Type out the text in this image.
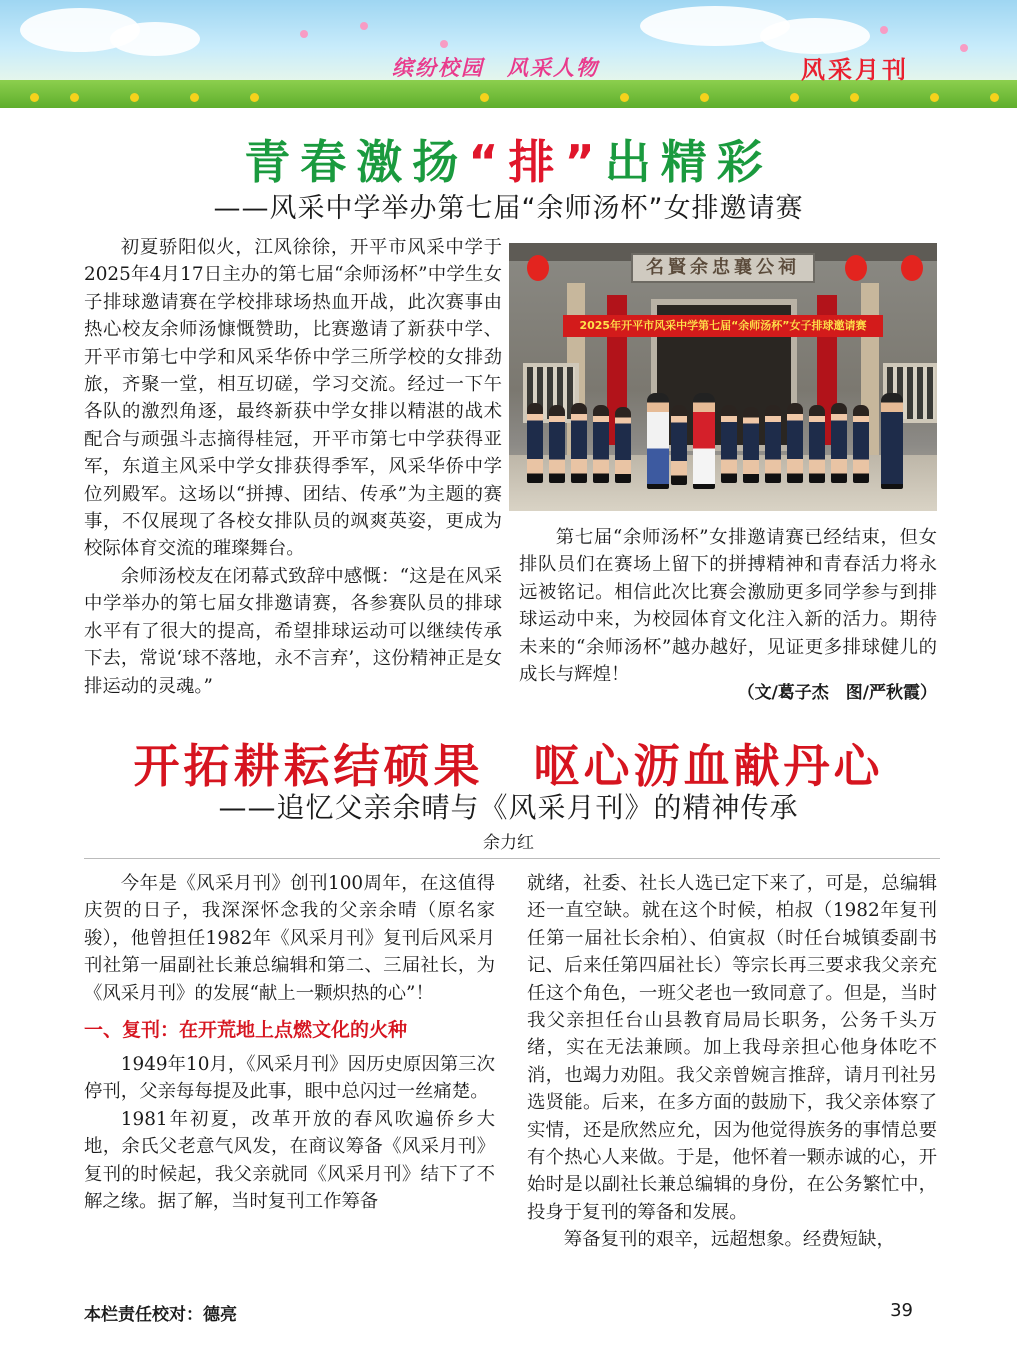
缤纷校园　风采人物	风采月刊
青春激扬“排”出精彩
——风采中学举办第七届“余师汤杯”女排邀请赛

初夏骄阳似火，江风徐徐，开平市风采中学于2025年4月17日主办的第七届“余师汤杯”中学生女子排球邀请赛在学校排球场热血开战，此次赛事由热心校友余师汤慷慨赞助，比赛邀请了新获中学、开平市第七中学和风采华侨中学三所学校的女排劲旅，齐聚一堂，相互切磋，学习交流。经过一下午各队的激烈角逐，最终新获中学女排以精湛的战术配合与顽强斗志摘得桂冠，开平市第七中学获得亚军，东道主风采中学女排获得季军，风采华侨中学位列殿军。这场以“拼搏、团结、传承”为主题的赛事，不仅展现了各校女排队员的飒爽英姿，更成为校际体育交流的璀璨舞台。

余师汤校友在闭幕式致辞中感慨：“这是在风采中学举办的第七届女排邀请赛，各参赛队员的排球水平有了很大的提高，希望排球运动可以继续传承下去，常说‘球不落地，永不言弃’，这份精神正是女排运动的灵魂。”

名賢余忠襄公祠
2025年开平市风采中学第七届“余师汤杯”女子排球邀请赛

第七届“余师汤杯”女排邀请赛已经结束，但女排队员们在赛场上留下的拼搏精神和青春活力将永远被铭记。相信此次比赛会激励更多同学参与到排球运动中来，为校园体育文化注入新的活力。期待未来的“余师汤杯”越办越好，见证更多排球健儿的成长与辉煌！

（文/葛子杰　图/严秋霞）
开拓耕耘结硕果　呕心沥血献丹心
——追忆父亲余晴与《风采月刊》的精神传承
余力红

今年是《风采月刊》创刊100周年，在这值得庆贺的日子，我深深怀念我的父亲余晴（原名家骏），他曾担任1982年《风采月刊》复刊后风采月刊社第一届副社长兼总编辑和第二、三届社长，为《风采月刊》的发展“献上一颗炽热的心”！

一、复刊：在开荒地上点燃文化的火种

1949年10月，《风采月刊》因历史原因第三次停刊，父亲每每提及此事，眼中总闪过一丝痛楚。

1981年初夏，改革开放的春风吹遍侨乡大地，余氏父老意气风发，在商议筹备《风采月刊》复刊的时候起，我父亲就同《风采月刊》结下了不解之缘。据了解，当时复刊工作筹备

就绪，社委、社长人选已定下来了，可是，总编辑还一直空缺。就在这个时候，柏叔（1982年复刊任第一届社长余柏）、伯寅叔（时任台城镇委副书记、后来任第四届社长）等宗长再三要求我父亲充任这个角色，一班父老也一致同意了。但是，当时我父亲担任台山县教育局局长职务，公务千头万绪，实在无法兼顾。加上我母亲担心他身体吃不消，也竭力劝阻。我父亲曾婉言推辞，请月刊社另选贤能。后来，在多方面的鼓励下，我父亲体察了实情，还是欣然应允，因为他觉得族务的事情总要有个热心人来做。于是，他怀着一颗赤诚的心，开始时是以副社长兼总编辑的身份，在公务繁忙中，投身于复刊的筹备和发展。

筹备复刊的艰辛，远超想象。经费短缺，

本栏责任校对：德亮	39
